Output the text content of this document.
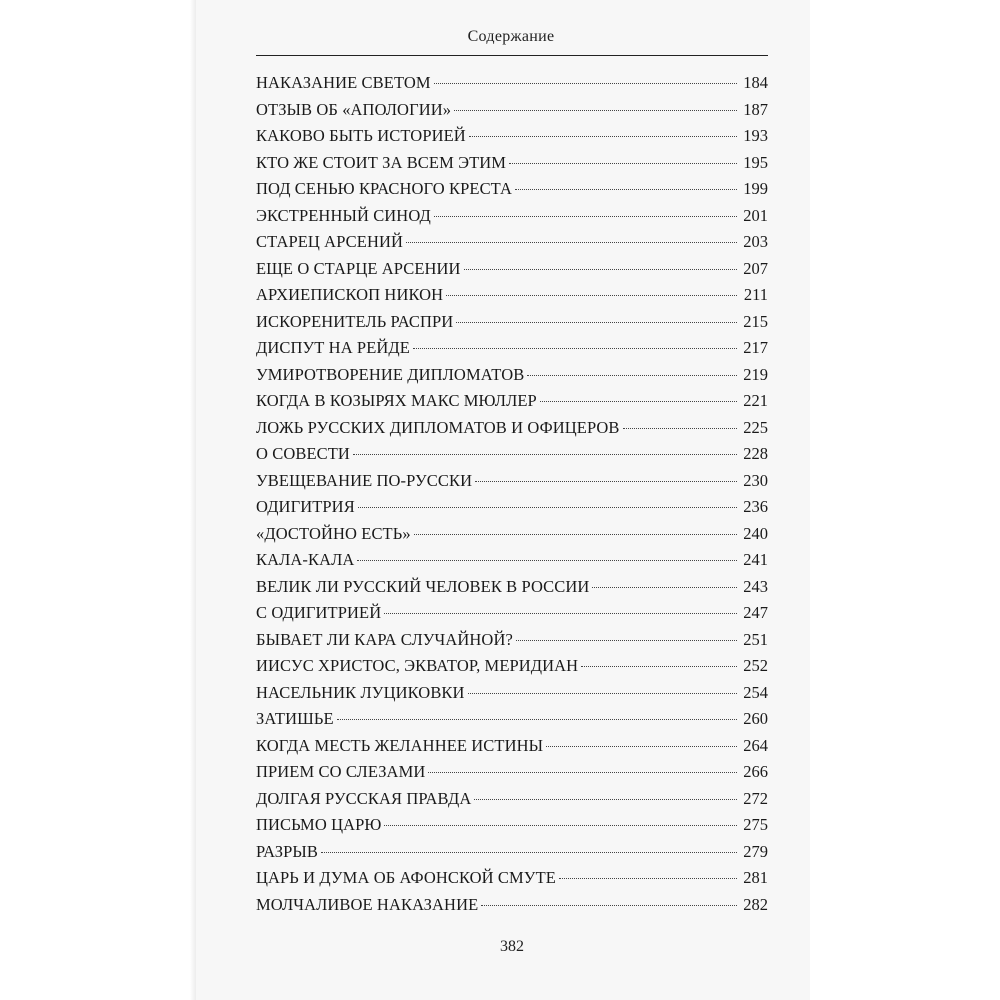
Содержание
НАКАЗАНИЕ СВЕТОМ	184
ОТЗЫВ ОБ «АПОЛОГИИ»	187
КАКОВО БЫТЬ ИСТОРИЕЙ	193
КТО ЖЕ СТОИТ ЗА ВСЕМ ЭТИМ	195
ПОД СЕНЬЮ КРАСНОГО КРЕСТА	199
ЭКСТРЕННЫЙ СИНОД	201
СТАРЕЦ АРСЕНИЙ	203
ЕЩЕ О СТАРЦЕ АРСЕНИИ	207
АРХИЕПИСКОП НИКОН	211
ИСКОРЕНИТЕЛЬ РАСПРИ	215
ДИСПУТ НА РЕЙДЕ	217
УМИРОТВОРЕНИЕ ДИПЛОМАТОВ	219
КОГДА В КОЗЫРЯХ МАКС МЮЛЛЕР	221
ЛОЖЬ РУССКИХ ДИПЛОМАТОВ И ОФИЦЕРОВ	225
О СОВЕСТИ	228
УВЕЩЕВАНИЕ ПО-РУССКИ	230
ОДИГИТРИЯ	236
«ДОСТОЙНО ЕСТЬ»	240
КАЛА-КАЛА	241
ВЕЛИК ЛИ РУССКИЙ ЧЕЛОВЕК В РОССИИ	243
С ОДИГИТРИЕЙ	247
БЫВАЕТ ЛИ КАРА СЛУЧАЙНОЙ?	251
ИИСУС ХРИСТОС, ЭКВАТОР, МЕРИДИАН	252
НАСЕЛЬНИК ЛУЦИКОВКИ	254
ЗАТИШЬЕ	260
КОГДА МЕСТЬ ЖЕЛАННЕЕ ИСТИНЫ	264
ПРИЕМ СО СЛЕЗАМИ	266
ДОЛГАЯ РУССКАЯ ПРАВДА	272
ПИСЬМО ЦАРЮ	275
РАЗРЫВ	279
ЦАРЬ И ДУМА ОБ АФОНСКОЙ СМУТЕ	281
МОЛЧАЛИВОЕ НАКАЗАНИЕ	282
382
